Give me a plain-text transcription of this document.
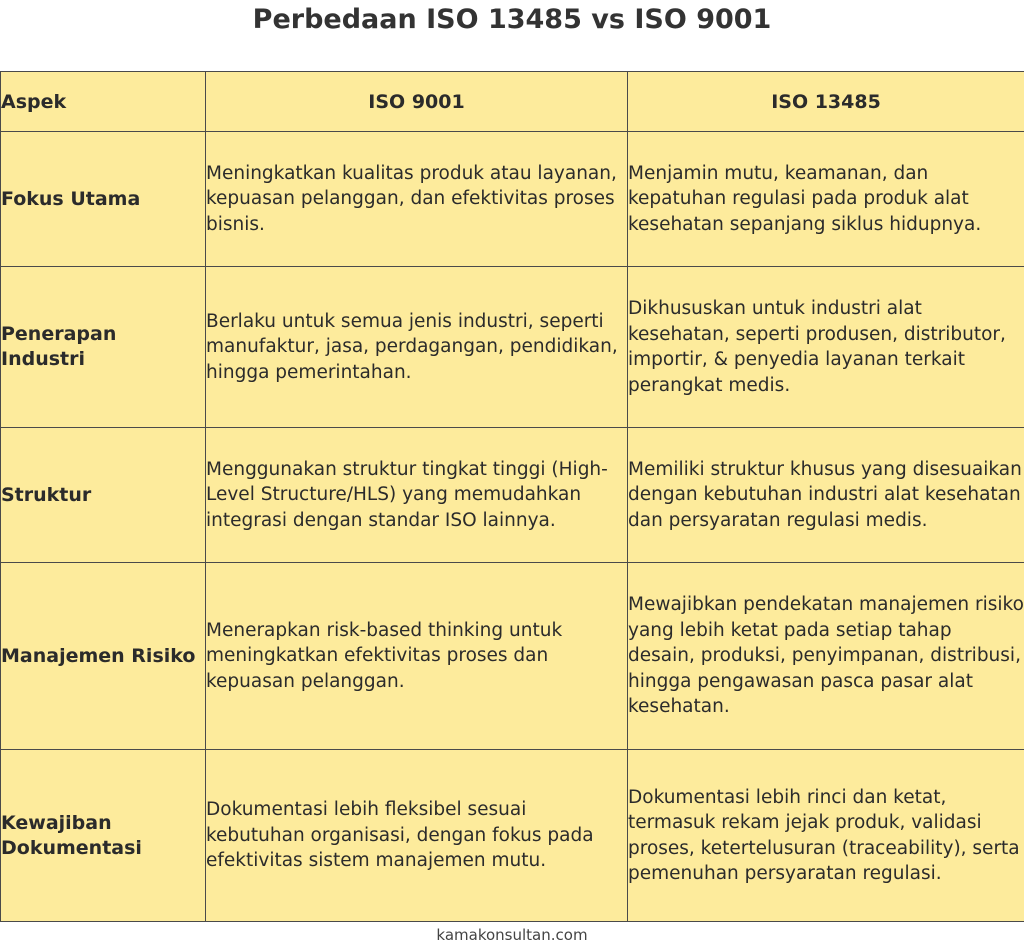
Perbedaan ISO 13485 vs ISO 9001
Aspek	ISO 9001	ISO 13485
Fokus Utama	Meningkatkan kualitas produk atau layanan, kepuasan pelanggan, dan efektivitas proses bisnis.	Menjamin mutu, keamanan, dan kepatuhan regulasi pada produk alat kesehatan sepanjang siklus hidupnya.
Penerapan Industri	Berlaku untuk semua jenis industri, seperti manufaktur, jasa, perdagangan, pendidikan, hingga pemerintahan.	Dikhususkan untuk industri alat kesehatan, seperti produsen, distributor, importir, & penyedia layanan terkait perangkat medis.
Struktur	Menggunakan struktur tingkat tinggi (High-Level Structure/HLS) yang memudahkan integrasi dengan standar ISO lainnya.	Memiliki struktur khusus yang disesuaikan dengan kebutuhan industri alat kesehatan dan persyaratan regulasi medis.
Manajemen Risiko	Menerapkan risk-based thinking untuk meningkatkan efektivitas proses dan kepuasan pelanggan.	Mewajibkan pendekatan manajemen risiko yang lebih ketat pada setiap tahap desain, produksi, penyimpanan, distribusi, hingga pengawasan pasca pasar alat kesehatan.
Kewajiban Dokumentasi	Dokumentasi lebih fleksibel sesuai kebutuhan organisasi, dengan fokus pada efektivitas sistem manajemen mutu.	Dokumentasi lebih rinci dan ketat, termasuk rekam jejak produk, validasi proses, ketertelusuran (traceability), serta pemenuhan persyaratan regulasi.
kamakonsultan.com
